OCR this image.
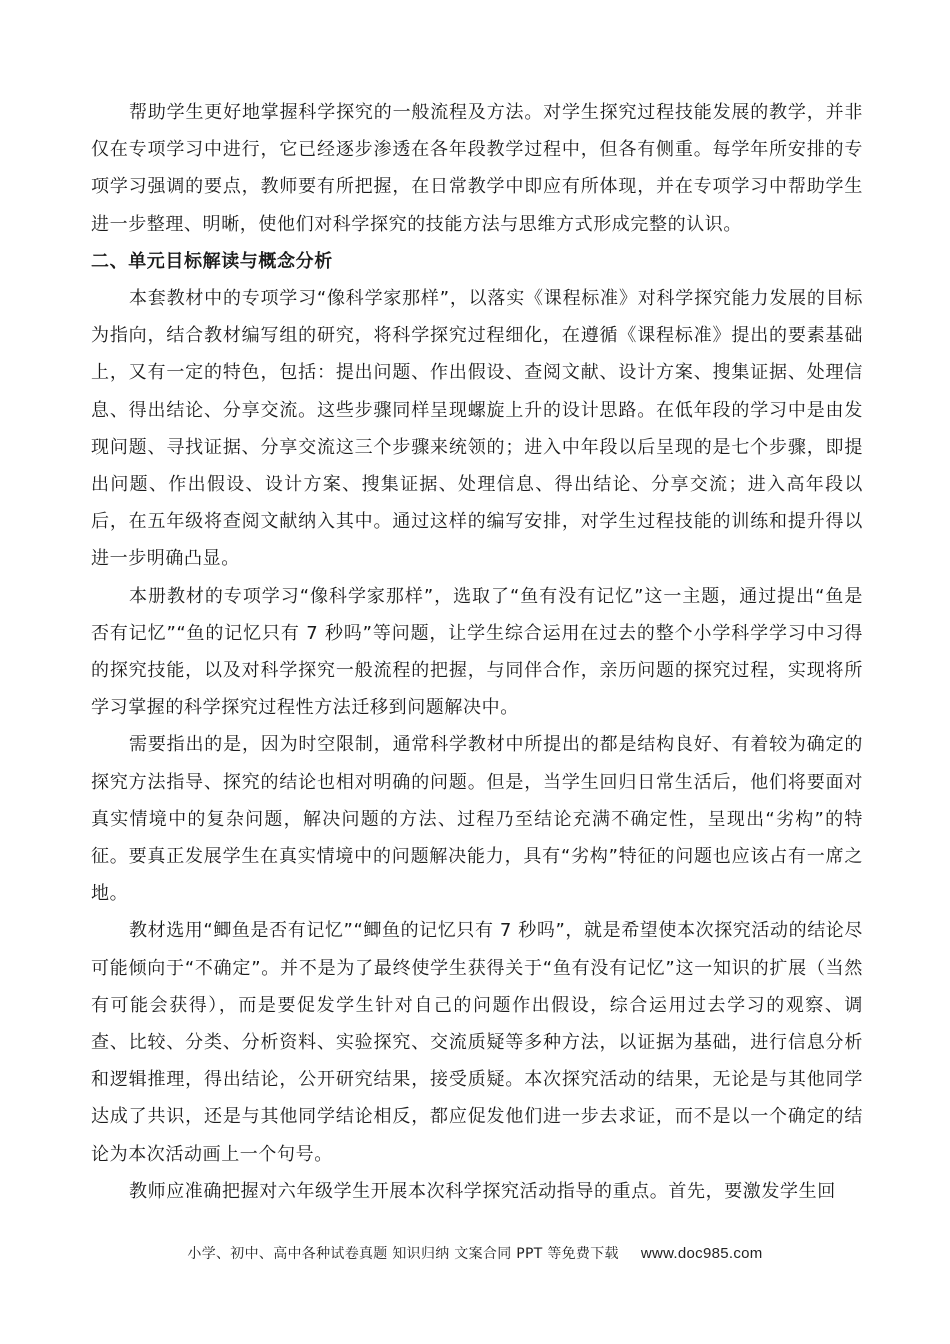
帮助学生更好地掌握科学探究的一般流程及方法。对学生探究过程技能发展的教学，并非仅在专项学习中进行，它已经逐步渗透在各年段教学过程中，但各有侧重。每学年所安排的专项学习强调的要点，教师要有所把握，在日常教学中即应有所体现，并在专项学习中帮助学生进一步整理、明晰，使他们对科学探究的技能方法与思维方式形成完整的认识。

二、单元目标解读与概念分析

本套教材中的专项学习“像科学家那样”，以落实《课程标准》对科学探究能力发展的目标为指向，结合教材编写组的研究，将科学探究过程细化，在遵循《课程标准》提出的要素基础上，又有一定的特色，包括：提出问题、作出假设、查阅文献、设计方案、搜集证据、处理信息、得出结论、分享交流。这些步骤同样呈现螺旋上升的设计思路。在低年段的学习中是由发现问题、寻找证据、分享交流这三个步骤来统领的；进入中年段以后呈现的是七个步骤，即提出问题、作出假设、设计方案、搜集证据、处理信息、得出结论、分享交流；进入高年段以后，在五年级将查阅文献纳入其中。通过这样的编写安排，对学生过程技能的训练和提升得以进一步明确凸显。

本册教材的专项学习“像科学家那样”，选取了“鱼有没有记忆”这一主题，通过提出“鱼是否有记忆”“鱼的记忆只有 7 秒吗”等问题，让学生综合运用在过去的整个小学科学学习中习得的探究技能，以及对科学探究一般流程的把握，与同伴合作，亲历问题的探究过程，实现将所学习掌握的科学探究过程性方法迁移到问题解决中。

需要指出的是，因为时空限制，通常科学教材中所提出的都是结构良好、有着较为确定的探究方法指导、探究的结论也相对明确的问题。但是，当学生回归日常生活后，他们将要面对真实情境中的复杂问题，解决问题的方法、过程乃至结论充满不确定性，呈现出“劣构”的特征。要真正发展学生在真实情境中的问题解决能力，具有“劣构”特征的问题也应该占有一席之地。

教材选用“鲫鱼是否有记忆”“鲫鱼的记忆只有 7 秒吗”，就是希望使本次探究活动的结论尽可能倾向于“不确定”。并不是为了最终使学生获得关于“鱼有没有记忆”这一知识的扩展（当然有可能会获得），而是要促发学生针对自己的问题作出假设，综合运用过去学习的观察、调查、比较、分类、分析资料、实验探究、交流质疑等多种方法，以证据为基础，进行信息分析和逻辑推理，得出结论，公开研究结果，接受质疑。本次探究活动的结果，无论是与其他同学达成了共识，还是与其他同学结论相反，都应促发他们进一步去求证，而不是以一个确定的结论为本次活动画上一个句号。

教师应准确把握对六年级学生开展本次科学探究活动指导的重点。首先，要激发学生回

小学、初中、高中各种试卷真题 知识归纳 文案合同 PPT 等免费下载 www.doc985.com
